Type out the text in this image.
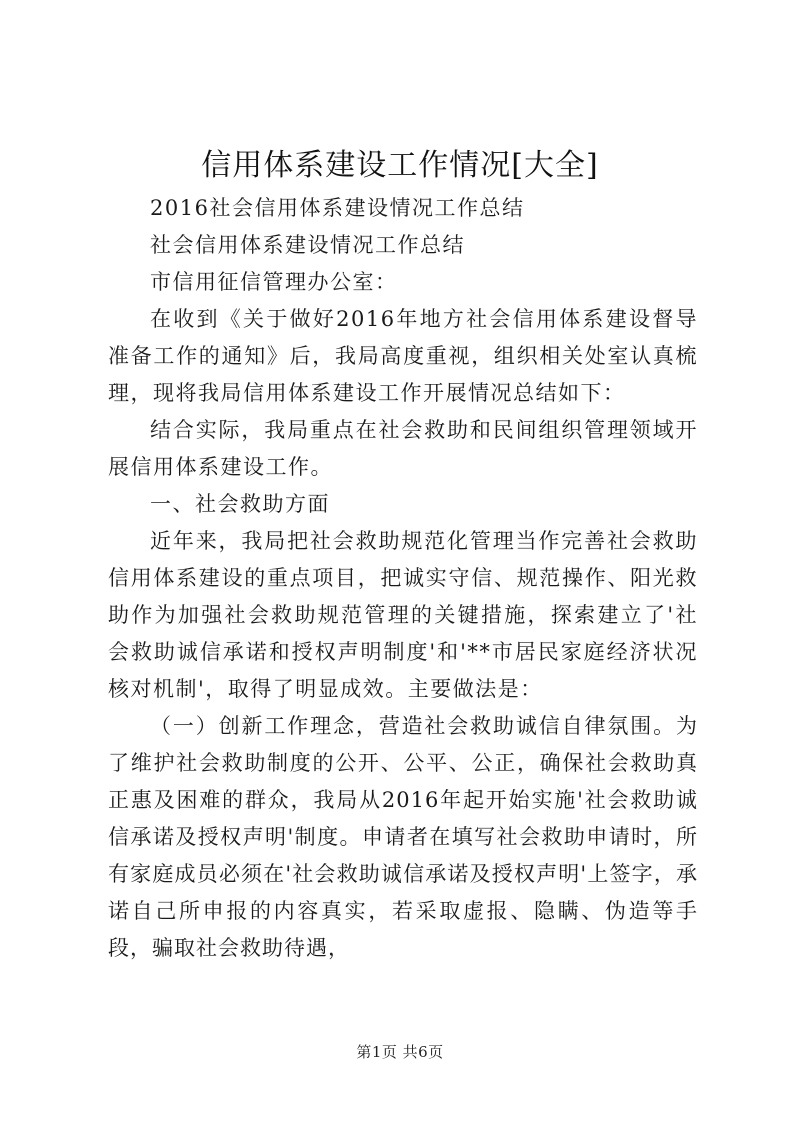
信用体系建设工作情况[大全]

2016社会信用体系建设情况工作总结

社会信用体系建设情况工作总结

市信用征信管理办公室：

在收到《关于做好2016年地方社会信用体系建设督导准备工作的通知》后，我局高度重视，组织相关处室认真梳理，现将我局信用体系建设工作开展情况总结如下：

结合实际，我局重点在社会救助和民间组织管理领域开展信用体系建设工作。

一、社会救助方面

近年来，我局把社会救助规范化管理当作完善社会救助信用体系建设的重点项目，把诚实守信、规范操作、阳光救助作为加强社会救助规范管理的关键措施，探索建立了'社会救助诚信承诺和授权声明制度'和'**市居民家庭经济状况核对机制'，取得了明显成效。主要做法是：

（一）创新工作理念，营造社会救助诚信自律氛围。为了维护社会救助制度的公开、公平、公正，确保社会救助真正惠及困难的群众，我局从2016年起开始实施'社会救助诚信承诺及授权声明'制度。申请者在填写社会救助申请时，所有家庭成员必须在'社会救助诚信承诺及授权声明'上签字，承诺自己所申报的内容真实，若采取虚报、隐瞒、伪造等手段，骗取社会救助待遇，

第1页 共6页
